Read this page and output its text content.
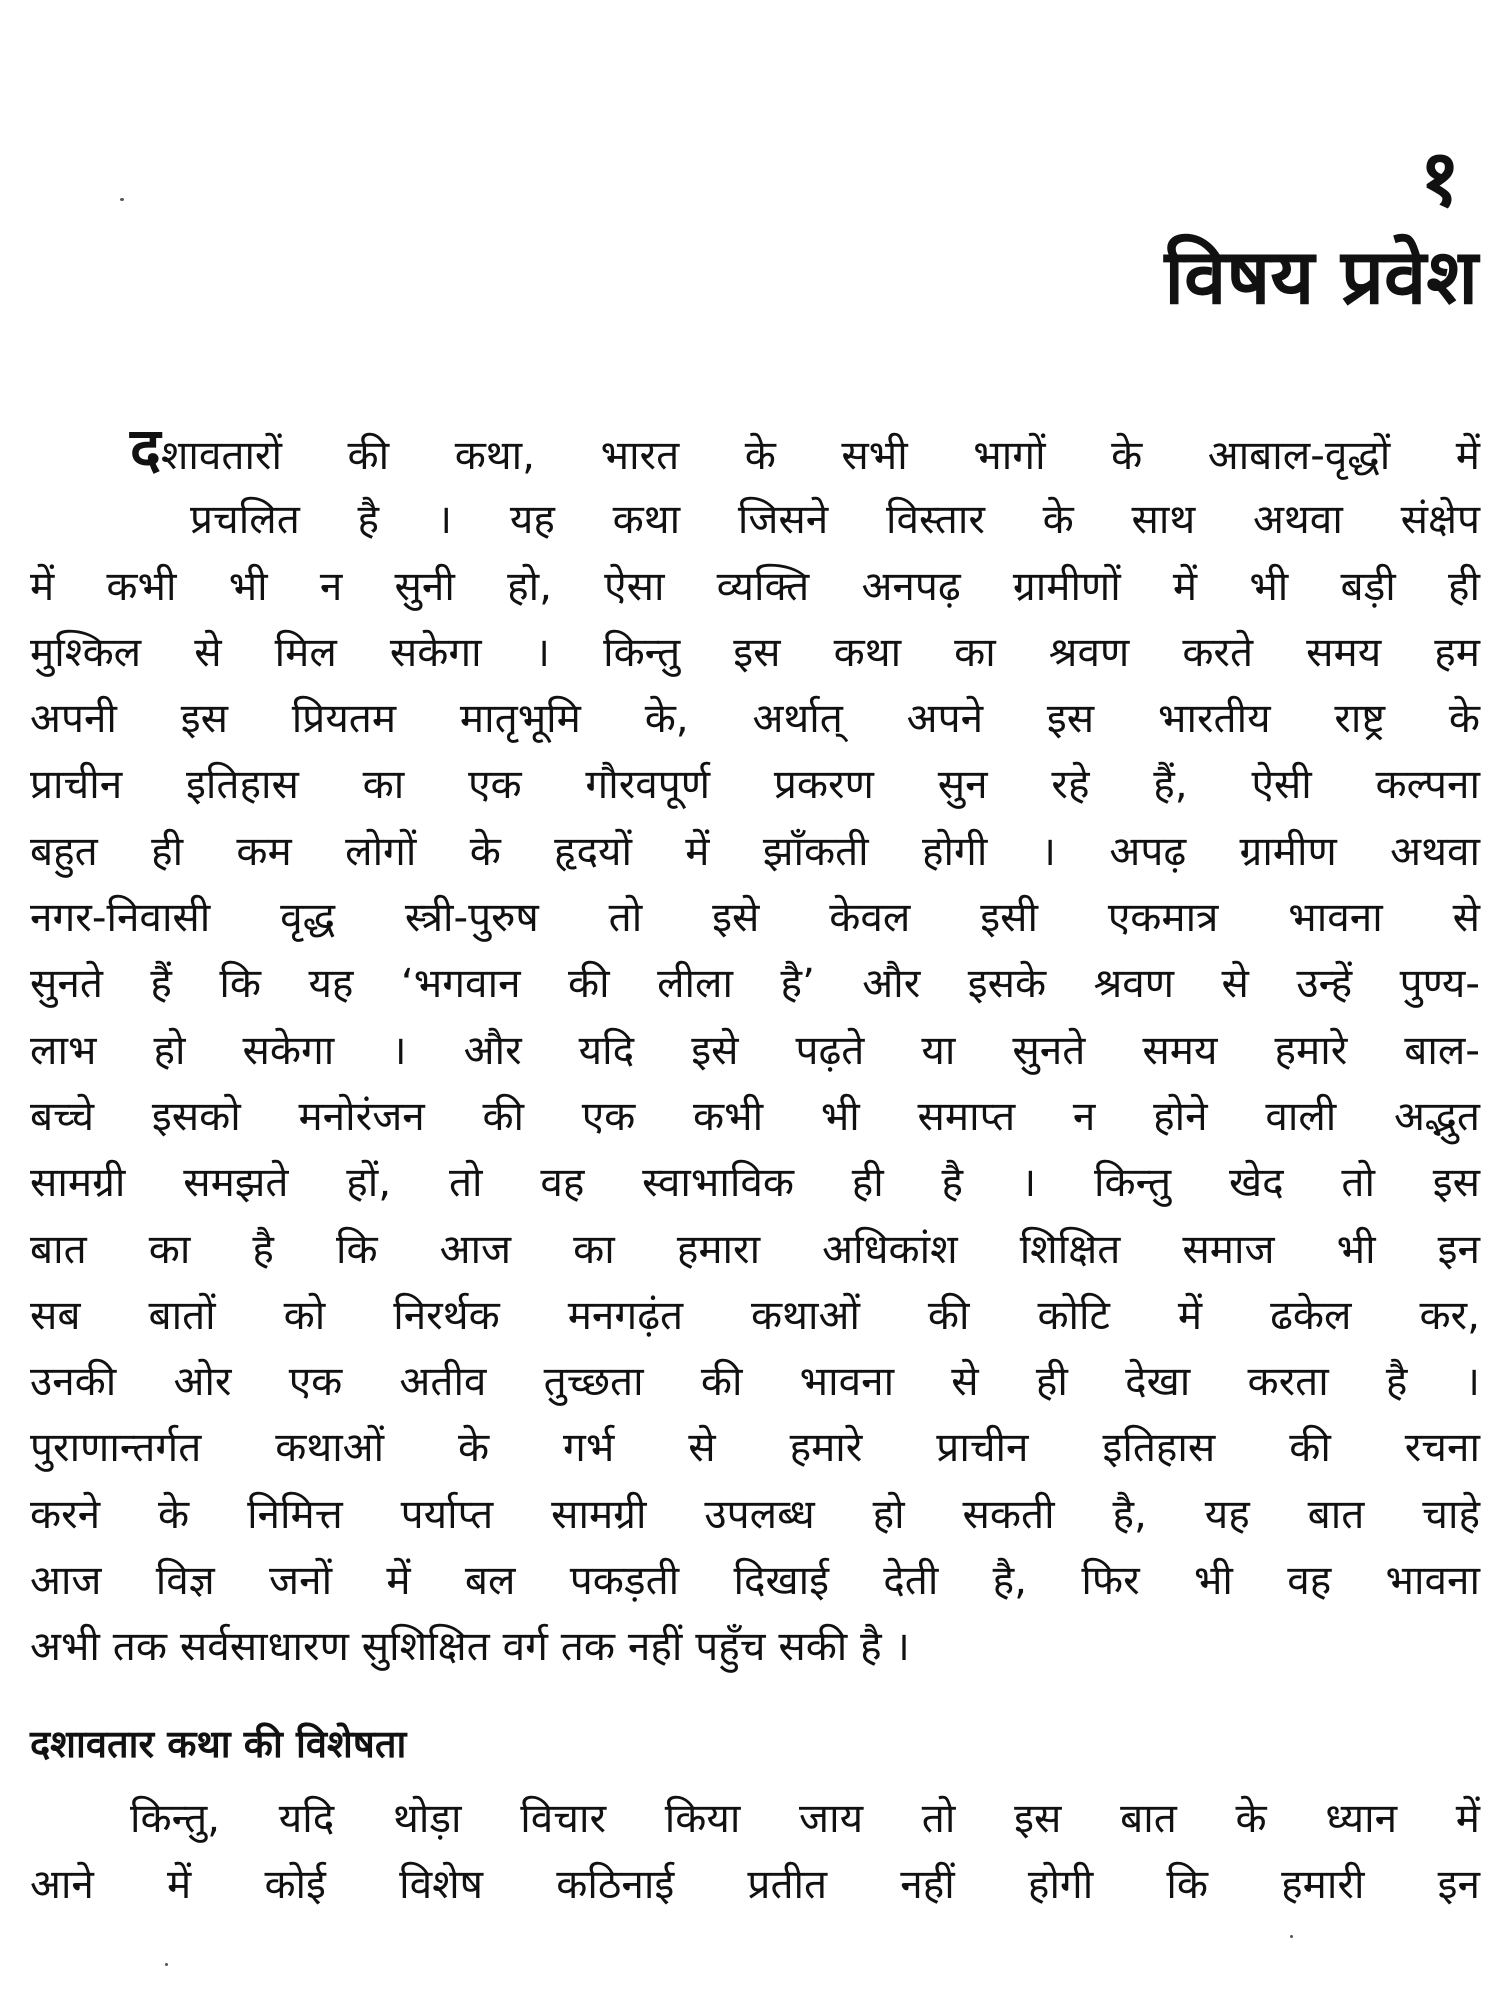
१
विषय प्रवेश
दशावतारों की कथा, भारत के सभी भागों के आबाल-वृद्धों में
प्रचलित है । यह कथा जिसने विस्तार के साथ अथवा संक्षेप
में कभी भी न सुनी हो, ऐसा व्यक्ति अनपढ़ ग्रामीणों में भी बड़ी ही
मुश्किल से मिल सकेगा । किन्तु इस कथा का श्रवण करते समय हम
अपनी इस प्रियतम मातृभूमि के, अर्थात् अपने इस भारतीय राष्ट्र के
प्राचीन इतिहास का एक गौरवपूर्ण प्रकरण सुन रहे हैं, ऐसी कल्पना
बहुत ही कम लोगों के हृदयों में झाँकती होगी । अपढ़ ग्रामीण अथवा
नगर-निवासी वृद्ध स्त्री-पुरुष तो इसे केवल इसी एकमात्र भावना से
सुनते हैं कि यह ‘भगवान की लीला है’ और इसके श्रवण से उन्हें पुण्य-
लाभ हो सकेगा । और यदि इसे पढ़ते या सुनते समय हमारे बाल-
बच्चे इसको मनोरंजन की एक कभी भी समाप्त न होने वाली अद्भुत
सामग्री समझते हों, तो वह स्वाभाविक ही है । किन्तु खेद तो इस
बात का है कि आज का हमारा अधिकांश शिक्षित समाज भी इन
सब बातों को निरर्थक मनगढ़ंत कथाओं की कोटि में ढकेल कर,
उनकी ओर एक अतीव तुच्छता की भावना से ही देखा करता है ।
पुराणान्तर्गत कथाओं के गर्भ से हमारे प्राचीन इतिहास की रचना
करने के निमित्त पर्याप्त सामग्री उपलब्ध हो सकती है, यह बात चाहे
आज विज्ञ जनों में बल पकड़ती दिखाई देती है, फिर भी वह भावना
अभी तक सर्वसाधारण सुशिक्षित वर्ग तक नहीं पहुँच सकी है ।
दशावतार कथा की विशेषता
किन्तु, यदि थोड़ा विचार किया जाय तो इस बात के ध्यान में
आने में कोई विशेष कठिनाई प्रतीत नहीं होगी कि हमारी इन
